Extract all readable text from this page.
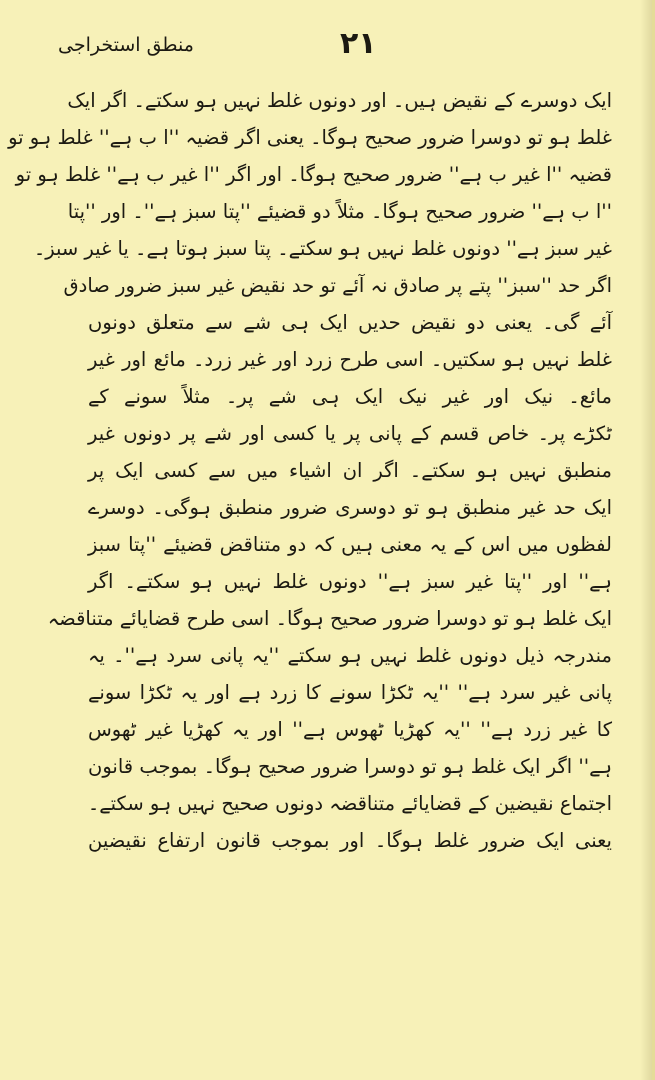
منطق استخراجی	۲۱
ایک دوسرے کے نقیض ہیں۔ اور دونوں غلط نہیں ہو سکتے۔ اگر ایک
غلط ہو تو دوسرا ضرور صحیح ہوگا۔ یعنی اگر قضیہ ''ا ب ہے'' غلط ہو تو
قضیہ ''ا غیر ب ہے'' ضرور صحیح ہوگا۔ اور اگر ''ا غیر ب ہے'' غلط ہو تو
''ا ب ہے'' ضرور صحیح ہوگا۔ مثلاً دو قضیئے ''پتا سبز ہے''۔ اور ''پتا
غیر سبز ہے'' دونوں غلط نہیں ہو سکتے۔ پتا سبز ہوتا ہے۔ یا غیر سبز۔
اگر حد ''سبز'' پتے پر صادق نہ آئے تو حد نقیض غیر سبز ضرور صادق
آئے گی۔ یعنی دو نقیض حدیں ایک ہی شے سے متعلق دونوں
غلط نہیں ہو سکتیں۔ اسی طرح زرد اور غیر زرد۔ مائع اور غیر
مائع۔ نیک اور غیر نیک ایک ہی شے پر۔ مثلاً سونے کے
ٹکڑے پر۔ خاص قسم کے پانی پر یا کسی اور شے پر دونوں غیر
منطبق نہیں ہو سکتے۔ اگر ان اشیاء میں سے کسی ایک پر
ایک حد غیر منطبق ہو تو دوسری ضرور منطبق ہوگی۔ دوسرے
لفظوں میں اس کے یہ معنی ہیں کہ دو متناقض قضیئے ''پتا سبز
ہے'' اور ''پتا غیر سبز ہے'' دونوں غلط نہیں ہو سکتے۔ اگر
ایک غلط ہو تو دوسرا ضرور صحیح ہوگا۔ اسی طرح قضایائے متناقضہ
مندرجہ ذیل دونوں غلط نہیں ہو سکتے ''یہ پانی سرد ہے''۔ یہ
پانی غیر سرد ہے'' ''یہ ٹکڑا سونے کا زرد ہے اور یہ ٹکڑا سونے
کا غیر زرد ہے'' ''یہ کھڑیا ٹھوس ہے'' اور یہ کھڑیا غیر ٹھوس
ہے'' اگر ایک غلط ہو تو دوسرا ضرور صحیح ہوگا۔ بموجب قانون
اجتماع نقیضین کے قضایائے متناقضہ دونوں صحیح نہیں ہو سکتے۔
یعنی ایک ضرور غلط ہوگا۔ اور بموجب قانون ارتفاع نقیضین
